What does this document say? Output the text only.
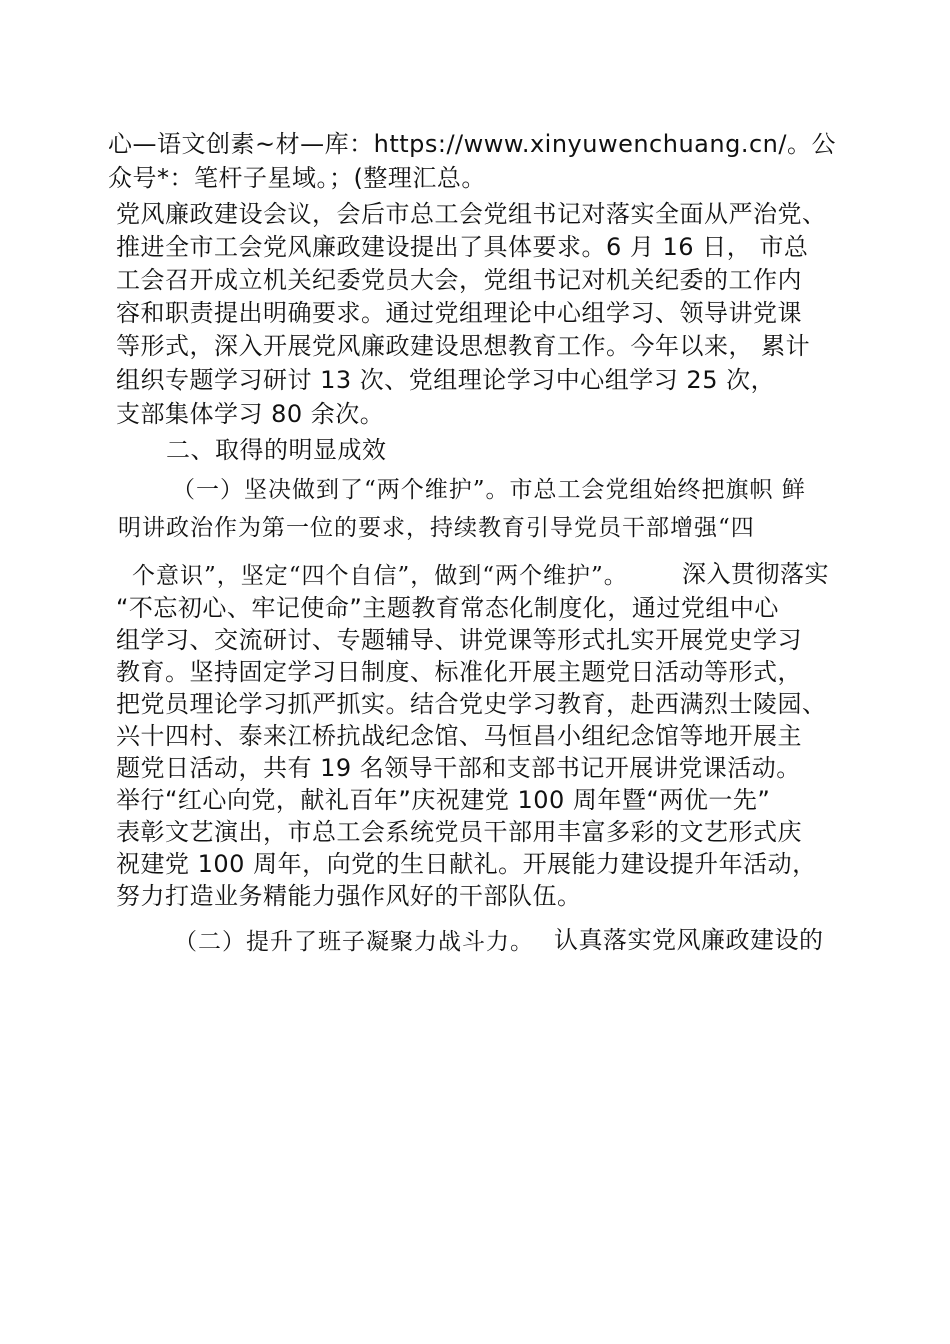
心—语文创素~材—库：https://www.xinyuwenchuang.cn/。公
众号*：笔杆子星域。；(整理汇总。
党风廉政建设会议，会后市总工会党组书记对落实全面从严治党、
推进全市工会党风廉政建设提出了具体要求。6 月 16 日， 市总
工会召开成立机关纪委党员大会，党组书记对机关纪委的工作内
容和职责提出明确要求。通过党组理论中心组学习、领导讲党课
等形式，深入开展党风廉政建设思想教育工作。今年以来， 累计
组织专题学习研讨 13 次、党组理论学习中心组学习 25 次，
支部集体学习 80 余次。
二、取得的明显成效
（一）坚决做到了“两个维护”。市总工会党组始终把旗帜 鲜
明讲政治作为第一位的要求，持续教育引导党员干部增强“四
个意识”，坚定“四个自信”，做到“两个维护”。 深入贯彻落实
“不忘初心、牢记使命”主题教育常态化制度化，通过党组中心
组学习、交流研讨、专题辅导、讲党课等形式扎实开展党史学习
教育。坚持固定学习日制度、标准化开展主题党日活动等形式，
把党员理论学习抓严抓实。结合党史学习教育，赴西满烈士陵园、
兴十四村、泰来江桥抗战纪念馆、马恒昌小组纪念馆等地开展主
题党日活动，共有 19 名领导干部和支部书记开展讲党课活动。
举行“红心向党，献礼百年”庆祝建党 100 周年暨“两优一先”
表彰文艺演出，市总工会系统党员干部用丰富多彩的文艺形式庆
祝建党 100 周年，向党的生日献礼。开展能力建设提升年活动，
努力打造业务精能力强作风好的干部队伍。
（二）提升了班子凝聚力战斗力。 认真落实党风廉政建设的
